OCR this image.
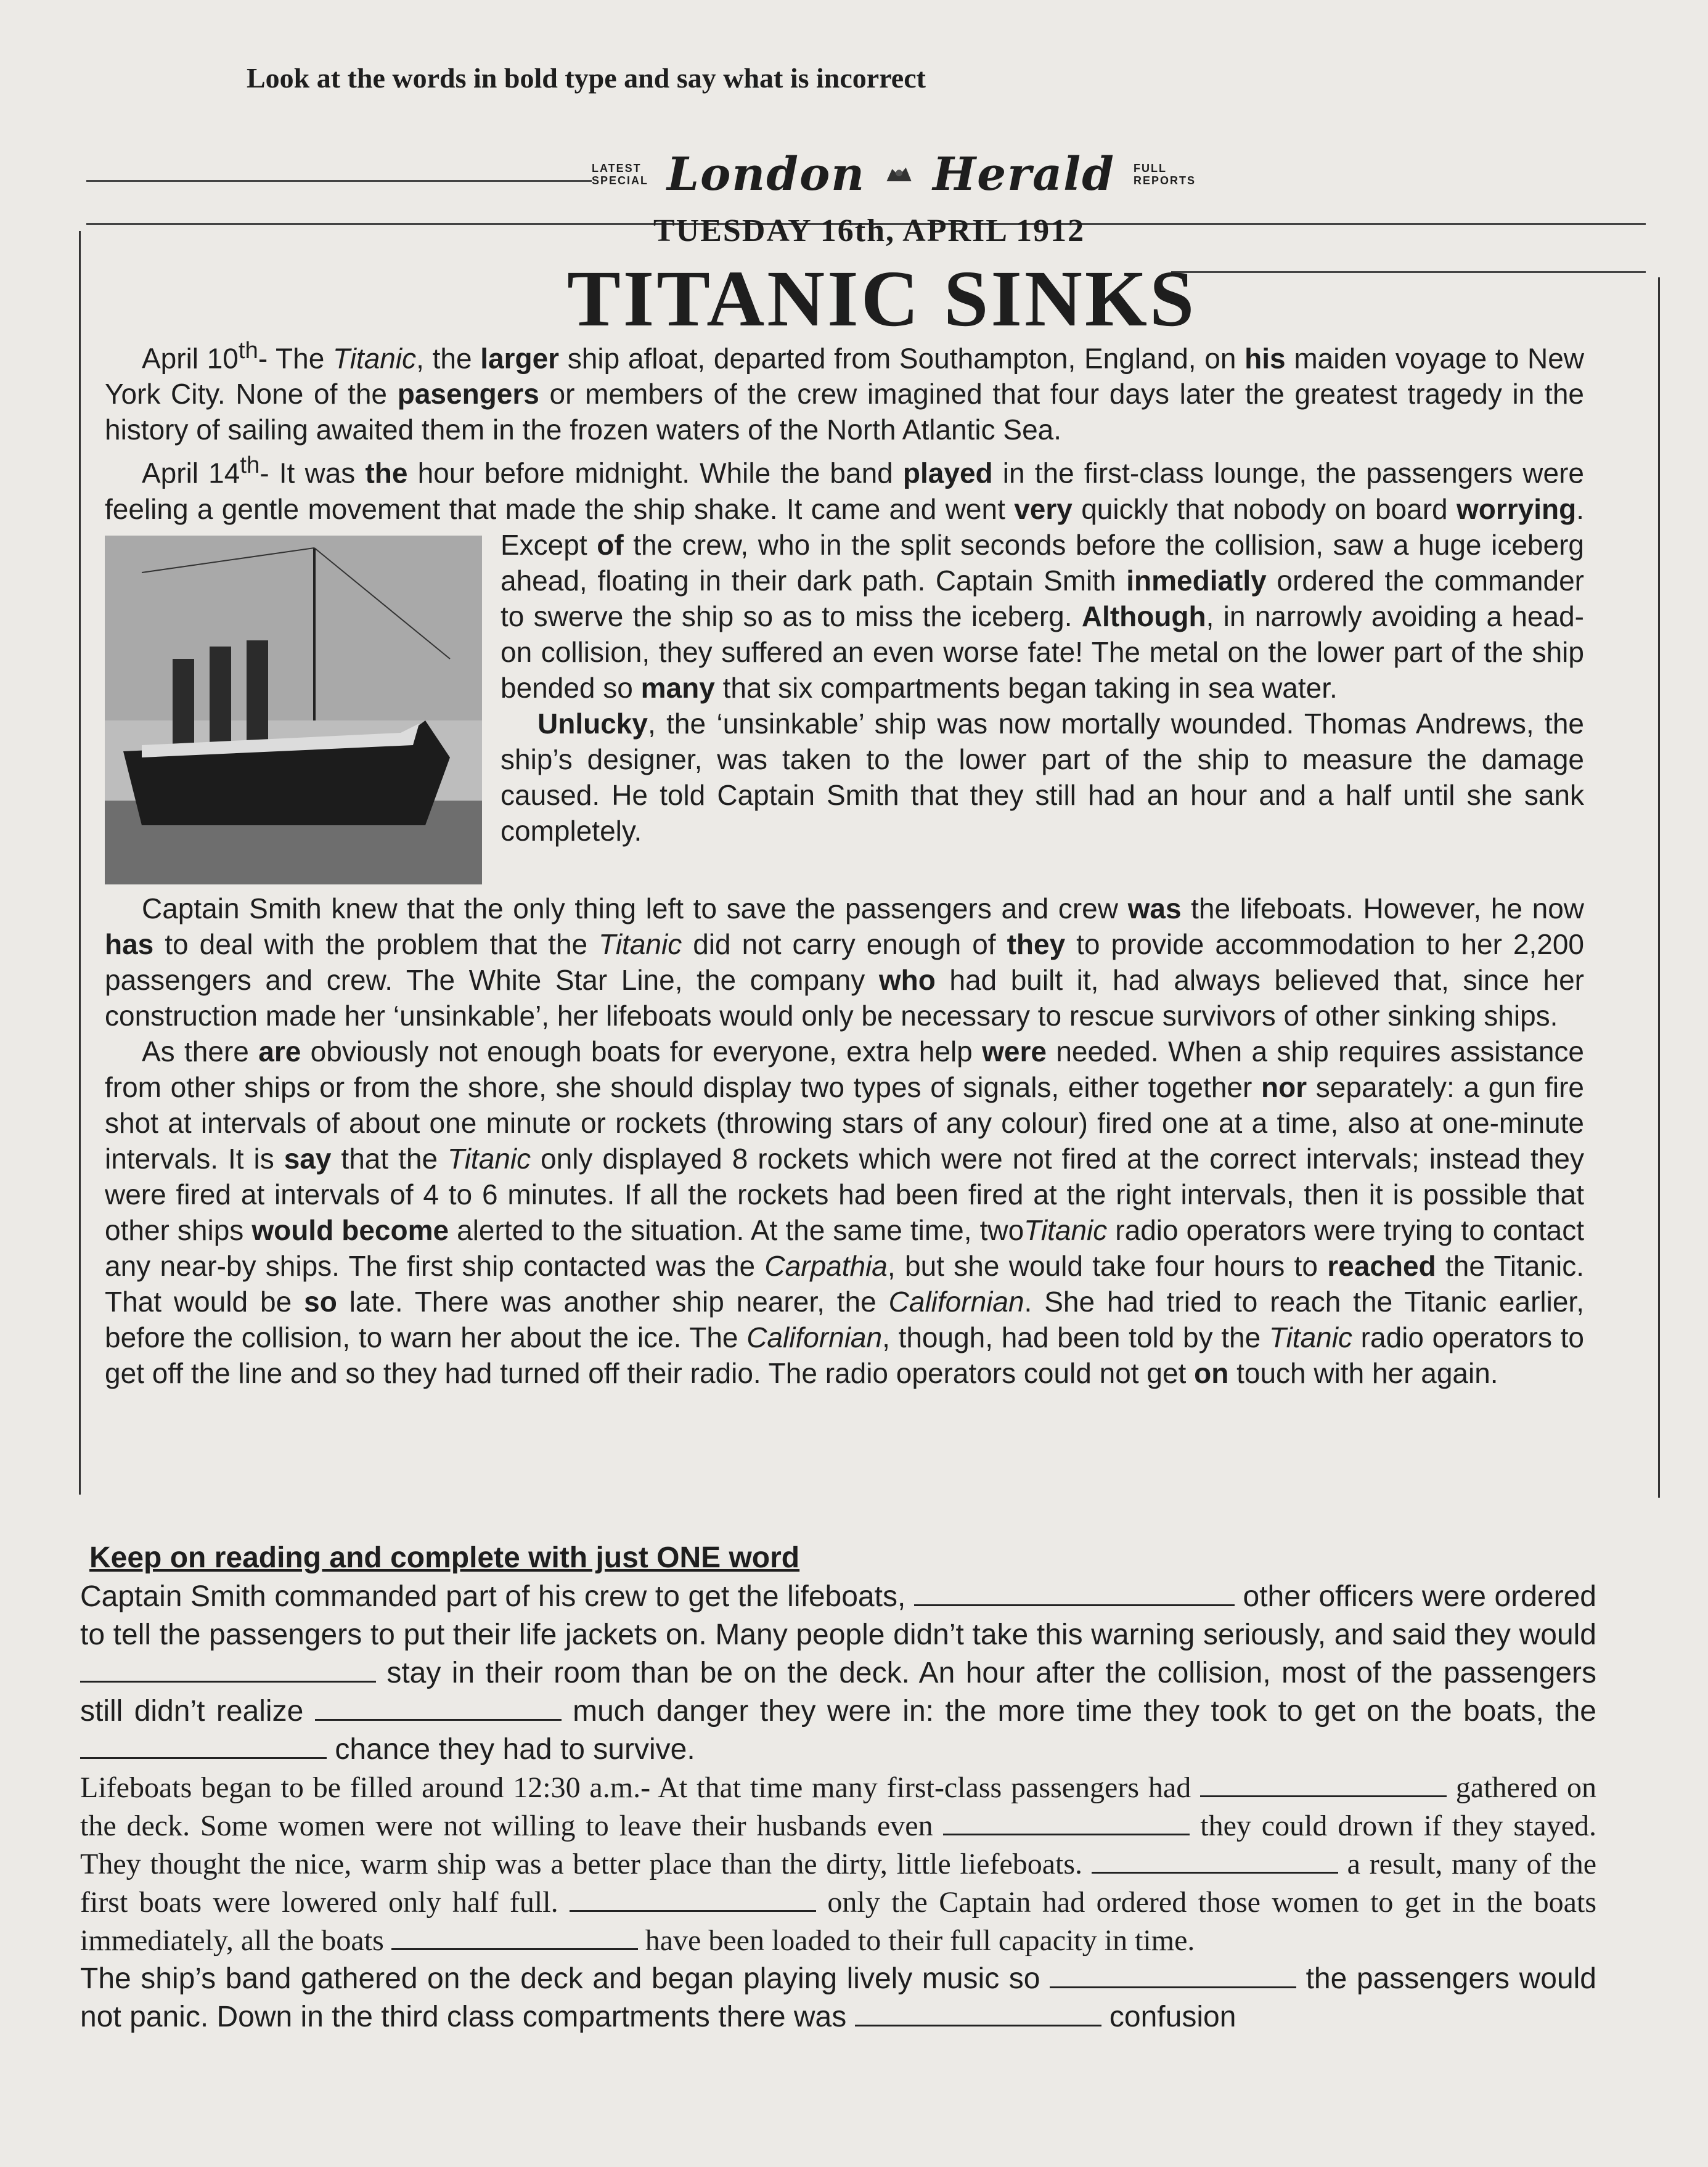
Look at the words in bold type and say what is incorrect
LATEST
SPECIAL London Herald FULL
REPORTS
TUESDAY 16th, APRIL 1912
TITANIC SINKS

April 10th- The Titanic, the larger ship afloat, departed from Southampton, England, on his maiden voyage to New York City. None of the pasengers or members of the crew imagined that four days later the greatest tragedy in the history of sailing awaited them in the frozen waters of the North Atlantic Sea.

April 14th- It was the hour before midnight. While the band played in the first-class lounge, the passengers were feeling a gentle movement that made the ship shake. It came and went very quickly that nobody on board
worrying. Except of the crew, who in the split seconds before the collision, saw a huge iceberg ahead, floating in their dark path. Captain Smith inmediatly ordered the commander to swerve the ship so as to miss the iceberg. Although, in narrowly avoiding a head-on collision, they suffered an even worse fate! The metal on the lower part of the ship bended so many that six compartments began taking in sea water.

Unlucky, the ‘unsinkable’ ship was now mortally wounded. Thomas Andrews, the ship’s designer, was taken to the lower part of the ship to measure the damage caused. He told Captain Smith that they still had an hour and a half until she sank completely.

Captain Smith knew that the only thing left to save the passengers and crew was the lifeboats. However, he now has to deal with the problem that the Titanic did not carry enough of they to provide accommodation to her 2,200 passengers and crew. The White Star Line, the company who had built it, had always believed that, since her construction made her ‘unsinkable’, her lifeboats would only be necessary to rescue survivors of other sinking ships.

As there are obviously not enough boats for everyone, extra help were needed. When a ship requires assistance from other ships or from the shore, she should display two types of signals, either together nor separately: a gun fire shot at intervals of about one minute or rockets (throwing stars of any colour) fired one at a time, also at one-minute intervals. It is say that the Titanic only displayed 8 rockets which were not fired at the correct intervals; instead they were fired at intervals of 4 to 6 minutes. If all the rockets had been fired at the right intervals, then it is possible that other ships would become alerted to the situation. At the same time, twoTitanic radio operators were trying to contact any near-by ships. The first ship contacted was the Carpathia, but she would take four hours to reached the Titanic. That would be so late. There was another ship nearer, the Californian. She had tried to reach the Titanic earlier, before the collision, to warn her about the ice. The Californian, though, had been told by the Titanic radio operators to get off the line and so they had turned off their radio. The radio operators could not get on touch with her again.

Keep on reading and complete with just ONE word

Captain Smith commanded part of his crew to get the lifeboats,	other officers were ordered to tell the passengers to put their life jackets on. Many people didn’t take this warning seriously, and said they would  stay in their room than be on the deck. An hour after the collision, most of the passengers still didn’t realize	much danger they were in: the more time they took to get on the boats, the  chance they had to survive.

Lifeboats began to be filled around 12:30 a.m.- At that time many first-class passengers had	gathered on the deck. Some women were not willing to leave their husbands even	they could drown if they stayed. They thought the nice, warm ship was a better place than the dirty, little liefeboats.	a result, many of the first boats were lowered only half full.	only the Captain had ordered those women to get in the boats immediately, all the boats	have been loaded to their full capacity in time.

The ship’s band gathered on the deck and began playing lively music so	the passengers would not panic. Down in the third class compartments there was	confusion
